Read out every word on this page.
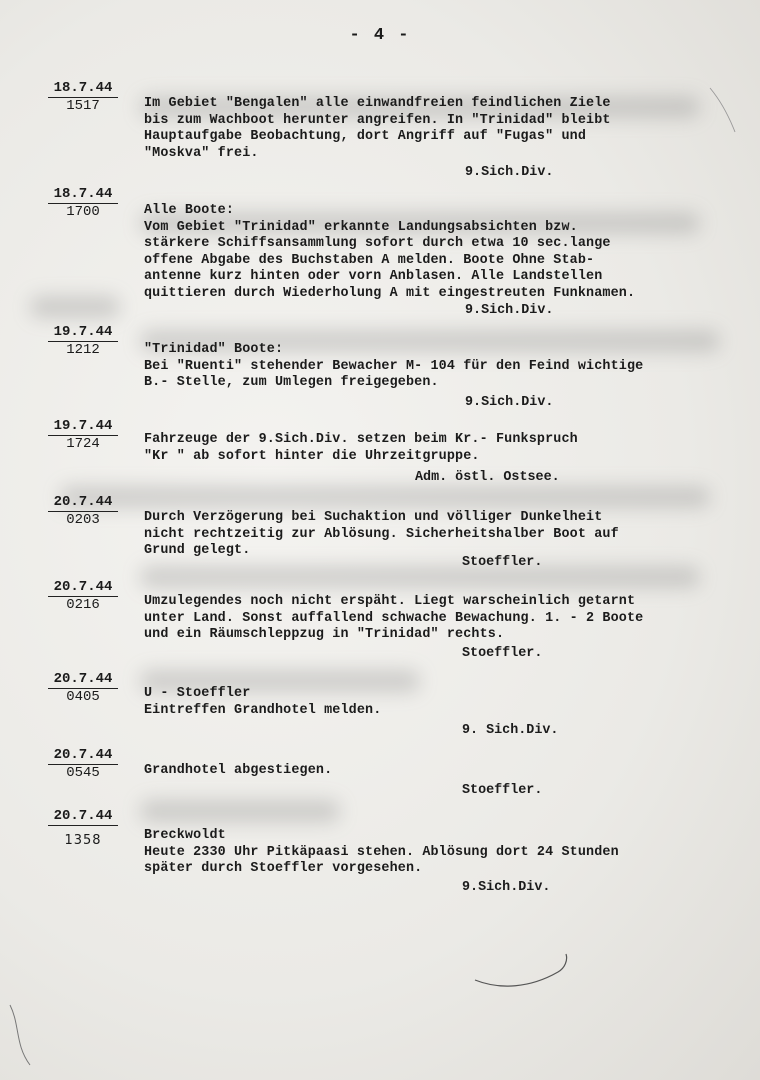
- 4 -
18.7.44
1517	Im Gebiet "Bengalen" alle einwandfreien feindlichen Ziele
bis zum Wachboot herunter angreifen. In "Trinidad" bleibt
Hauptaufgabe Beobachtung, dort Angriff auf "Fugas" und
"Moskva" frei.
9.Sich.Div.
18.7.44
1700	Alle Boote:
Vom Gebiet "Trinidad" erkannte Landungsabsichten bzw.
stärkere Schiffsansammlung sofort durch etwa 10 sec.lange
offene Abgabe des Buchstaben A melden. Boote Ohne Stab-
antenne kurz hinten oder vorn Anblasen. Alle Landstellen
quittieren durch Wiederholung A mit eingestreuten Funknamen.
9.Sich.Div.
19.7.44
1212	"Trinidad" Boote:
Bei "Ruenti" stehender Bewacher M- 104 für den Feind wichtige
B.- Stelle, zum Umlegen freigegeben.
9.Sich.Div.
19.7.44
1724	Fahrzeuge der 9.Sich.Div. setzen beim Kr.- Funkspruch
"Kr " ab sofort hinter die Uhrzeitgruppe.
Adm. östl. Ostsee.
20.7.44
0203	Durch Verzögerung bei Suchaktion und völliger Dunkelheit
nicht rechtzeitig zur Ablösung. Sicherheitshalber Boot auf
Grund gelegt.
Stoeffler.
20.7.44
0216	Umzulegendes noch nicht erspäht. Liegt warscheinlich getarnt
unter Land. Sonst auffallend schwache Bewachung. 1. - 2 Boote
und ein Räumschleppzug in "Trinidad" rechts.
Stoeffler.
20.7.44
0405	U - Stoeffler
Eintreffen Grandhotel melden.
9. Sich.Div.
20.7.44
0545	Grandhotel abgestiegen.
Stoeffler.
20.7.44
1358	Breckwoldt
Heute 2330 Uhr Pitkäpaasi stehen. Ablösung dort 24 Stunden
später durch Stoeffler vorgesehen.
9.Sich.Div.
